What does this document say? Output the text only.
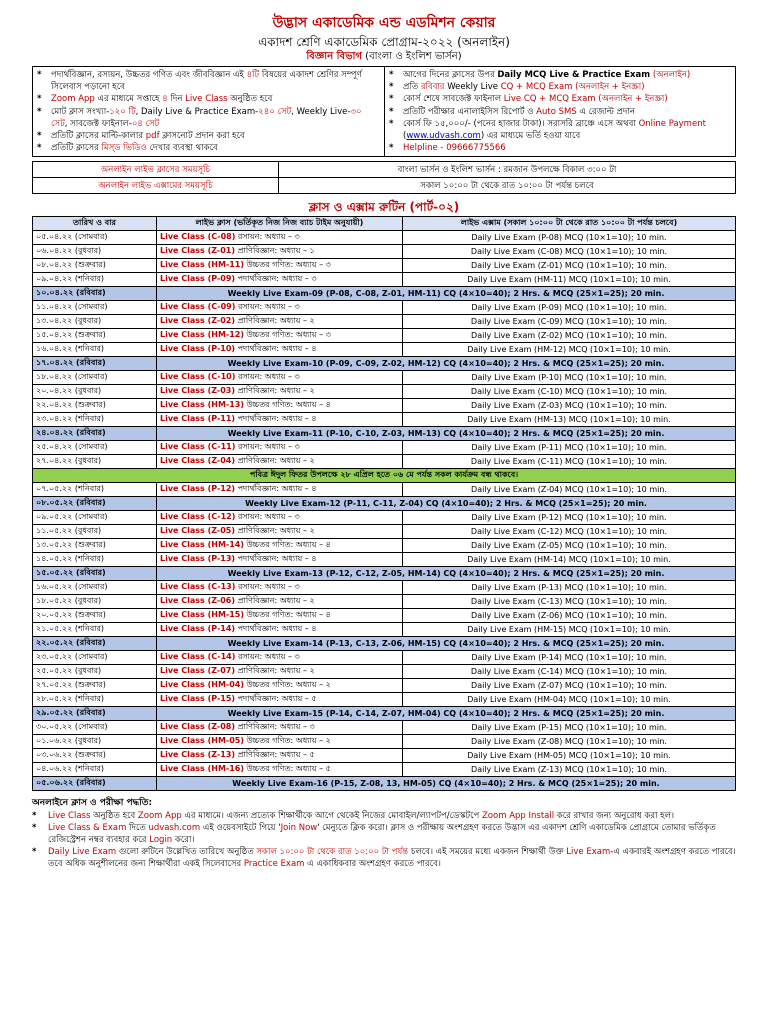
উদ্ভাস একাডেমিক এন্ড এডমিশন কেয়ার
একাদশ শ্রেণি একাডেমিক প্রোগ্রাম-২০২২ (অনলাইন)
বিজ্ঞান বিভাগ (বাংলা ও ইংলিশ ভার্সন)
*	পদার্থবিজ্ঞান, রসায়ন, উচ্চতর গণিত এবং জীববিজ্ঞান এই ৪টি বিষয়ের একাদশ শ্রেণির সম্পূর্ণ সিলেবাস পড়ানো হবে
*	Zoom App এর মাধ্যমে সপ্তাহে ৪ দিন Live Class অনুষ্ঠিত হবে
*	মোট ক্লাস সংখ্যা-১২০ টি, Daily Live & Practice Exam-২৪০ সেট, Weekly Live-৩০ সেট, সাবজেক্ট ফাইনাল-০৪ সেট
*	প্রতিটি ক্লাসের মাল্টি-কালার pdf ক্লাসনোট প্রদান করা হবে
*	প্রতিটি ক্লাসের মিস্ড ভিডিও দেখার ব্যবস্থা থাকবে
*	আগের দিনের ক্লাসের উপর Daily MCQ Live & Practice Exam (অনলাইন)
*	প্রতি রবিবার Weekly Live CQ + MCQ Exam (অনলাইন + ইনস্ক্রা)
*	কোর্স শেষে সাবজেক্ট ফাইনাল Live CQ + MCQ Exam (অনলাইন + ইনস্ক্রা)
*	প্রতিটি পরীক্ষার এনালাইসিস রিপোর্ট ও Auto SMS এ রেজাল্ট প্রদান
*	কোর্স ফি ১৫,০০০/- (পনের হাজার টাকা)। সরাসরি ব্রাঞ্চে এসে অথবা Online Payment (www.udvash.com) এর মাধ্যমে ভর্তি হওয়া যাবে
*	Helpline - 09666775566
অনলাইন লাইভ ক্লাসের সময়সূচি	বাংলা ভার্সন ও ইংলিশ ভার্সন : রমজান উপলক্ষে বিকাল ৩:০০ টা
অনলাইন লাইভ এক্সামের সময়সূচি	সকাল ১০:০০ টা থেকে রাত ১০:০০ টা পর্যন্ত চলবে
ক্লাস ও এক্সাম রুটিন (পার্ট-০২)
তারিখ ও বার	লাইভ ক্লাস (ভর্তিকৃত নিজ নিজ ব্যাচ টাইম অনুযায়ী)	লাইভ এক্সাম (সকাল ১০:০০ টা থেকে রাত ১০:০০ টা পর্যন্ত চলবে)
০৫.০৪.২২ (সোমবার)	Live Class (C-08) রসায়ন: অধ্যায় – ৩	Daily Live Exam (P-08) MCQ (10×1=10); 10 min.
০৬.০৪.২২ (বুধবার)	Live Class (Z-01) প্রাণিবিজ্ঞান: অধ্যায় – ১	Daily Live Exam (C-08) MCQ (10×1=10); 10 min.
০৮.০৪.২২ (শুক্রবার)	Live Class (HM-11) উচ্চতর গণিত: অধ্যায় – ৩	Daily Live Exam (Z-01) MCQ (10×1=10); 10 min.
০৯.০৪.২২ (শনিবার)	Live Class (P-09) পদার্থবিজ্ঞান: অধ্যায় – ৩	Daily Live Exam (HM-11) MCQ (10×1=10); 10 min.
১০.০৪.২২ (রবিবার)	Weekly Live Exam-09 (P-08, C-08, Z-01, HM-11) CQ (4×10=40); 2 Hrs. & MCQ (25×1=25); 20 min.	
১১.০৪.২২ (সোমবার)	Live Class (C-09) রসায়ন: অধ্যায় – ৩	Daily Live Exam (P-09) MCQ (10×1=10); 10 min.
১৩.০৪.২২ (বুধবার)	Live Class (Z-02) প্রাণিবিজ্ঞান: অধ্যায় – ২	Daily Live Exam (C-09) MCQ (10×1=10); 10 min.
১৫.০৪.২২ (শুক্রবার)	Live Class (HM-12) উচ্চতর গণিত: অধ্যায় – ৩	Daily Live Exam (Z-02) MCQ (10×1=10); 10 min.
১৬.০৪.২২ (শনিবার)	Live Class (P-10) পদার্থবিজ্ঞান: অধ্যায় – ৪	Daily Live Exam (HM-12) MCQ (10×1=10); 10 min.
১৭.০৪.২২ (রবিবার)	Weekly Live Exam-10 (P-09, C-09, Z-02, HM-12) CQ (4×10=40); 2 Hrs. & MCQ (25×1=25); 20 min.	
১৮.০৪.২২ (সোমবার)	Live Class (C-10) রসায়ন: অধ্যায় – ৩	Daily Live Exam (P-10) MCQ (10×1=10); 10 min.
২০.০৪.২২ (বুধবার)	Live Class (Z-03) প্রাণিবিজ্ঞান: অধ্যায় – ২	Daily Live Exam (C-10) MCQ (10×1=10); 10 min.
২২.০৪.২২ (শুক্রবার)	Live Class (HM-13) উচ্চতর গণিত: অধ্যায় – ৪	Daily Live Exam (Z-03) MCQ (10×1=10); 10 min.
২৩.০৪.২২ (শনিবার)	Live Class (P-11) পদার্থবিজ্ঞান: অধ্যায় – ৪	Daily Live Exam (HM-13) MCQ (10×1=10); 10 min.
২৪.০৪.২২ (রবিবার)	Weekly Live Exam-11 (P-10, C-10, Z-03, HM-13) CQ (4×10=40); 2 Hrs. & MCQ (25×1=25); 20 min.	
২৫.০৪.২২ (সোমবার)	Live Class (C-11) রসায়ন: অধ্যায় – ৩	Daily Live Exam (P-11) MCQ (10×1=10); 10 min.
২৭.০৪.২২ (বুধবার)	Live Class (Z-04) প্রাণিবিজ্ঞান: অধ্যায় – ২	Daily Live Exam (C-11) MCQ (10×1=10); 10 min.
পবিত্র ঈদুল ফিতর উপলক্ষে ২৮ এপ্রিল হতে ০৬ মে পর্যন্ত সকল কার্যক্রম বন্ধ থাকবে।		
০৭.০৫.২২ (শনিবার)	Live Class (P-12) পদার্থবিজ্ঞান: অধ্যায় – ৪	Daily Live Exam (Z-04) MCQ (10×1=10); 10 min.
০৮.০৫.২২ (রবিবার)	Weekly Live Exam-12 (P-11, C-11, Z-04) CQ (4×10=40); 2 Hrs. & MCQ (25×1=25); 20 min.	
০৯.০৫.২২ (সোমবার)	Live Class (C-12) রসায়ন: অধ্যায় – ৩	Daily Live Exam (P-12) MCQ (10×1=10); 10 min.
১১.০৫.২২ (বুধবার)	Live Class (Z-05) প্রাণিবিজ্ঞান: অধ্যায় – ২	Daily Live Exam (C-12) MCQ (10×1=10); 10 min.
১৩.০৫.২২ (শুক্রবার)	Live Class (HM-14) উচ্চতর গণিত: অধ্যায় – ৪	Daily Live Exam (Z-05) MCQ (10×1=10); 10 min.
১৪.০৫.২২ (শনিবার)	Live Class (P-13) পদার্থবিজ্ঞান: অধ্যায় – ৪	Daily Live Exam (HM-14) MCQ (10×1=10); 10 min.
১৫.০৫.২২ (রবিবার)	Weekly Live Exam-13 (P-12, C-12, Z-05, HM-14) CQ (4×10=40); 2 Hrs. & MCQ (25×1=25); 20 min.	
১৬.০৫.২২ (সোমবার)	Live Class (C-13) রসায়ন: অধ্যায় – ৩	Daily Live Exam (P-13) MCQ (10×1=10); 10 min.
১৮.০৫.২২ (বুধবার)	Live Class (Z-06) প্রাণিবিজ্ঞান: অধ্যায় – ২	Daily Live Exam (C-13) MCQ (10×1=10); 10 min.
২০.০৫.২২ (শুক্রবার)	Live Class (HM-15) উচ্চতর গণিত: অধ্যায় – ৪	Daily Live Exam (Z-06) MCQ (10×1=10); 10 min.
২১.০৫.২২ (শনিবার)	Live Class (P-14) পদার্থবিজ্ঞান: অধ্যায় – ৪	Daily Live Exam (HM-15) MCQ (10×1=10); 10 min.
২২.০৫.২২ (রবিবার)	Weekly Live Exam-14 (P-13, C-13, Z-06, HM-15) CQ (4×10=40); 2 Hrs. & MCQ (25×1=25); 20 min.	
২৩.০৫.২২ (সোমবার)	Live Class (C-14) রসায়ন: অধ্যায় – ৩	Daily Live Exam (P-14) MCQ (10×1=10); 10 min.
২৫.০৫.২২ (বুধবার)	Live Class (Z-07) প্রাণিবিজ্ঞান: অধ্যায় – ২	Daily Live Exam (C-14) MCQ (10×1=10); 10 min.
২৭.০৫.২২ (শুক্রবার)	Live Class (HM-04) উচ্চতর গণিত: অধ্যায় – ২	Daily Live Exam (Z-07) MCQ (10×1=10); 10 min.
২৮.০৫.২২ (শনিবার)	Live Class (P-15) পদার্থবিজ্ঞান: অধ্যায় – ৫	Daily Live Exam (HM-04) MCQ (10×1=10); 10 min.
২৯.০৫.২২ (রবিবার)	Weekly Live Exam-15 (P-14, C-14, Z-07, HM-04) CQ (4×10=40); 2 Hrs. & MCQ (25×1=25); 20 min.	
৩০.০৫.২২ (সোমবার)	Live Class (Z-08) প্রাণিবিজ্ঞান: অধ্যায় – ৩	Daily Live Exam (P-15) MCQ (10×1=10); 10 min.
০১.০৬.২২ (বুধবার)	Live Class (HM-05) উচ্চতর গণিত: অধ্যায় – ২	Daily Live Exam (Z-08) MCQ (10×1=10); 10 min.
০৩.০৬.২২ (শুক্রবার)	Live Class (Z-13) প্রাণিবিজ্ঞান: অধ্যায় – ৫	Daily Live Exam (HM-05) MCQ (10×1=10); 10 min.
০৪.০৬.২২ (শনিবার)	Live Class (HM-16) উচ্চতর গণিত: অধ্যায় – ৫	Daily Live Exam (Z-13) MCQ (10×1=10); 10 min.
০৫.০৬.২২ (রবিবার)	Weekly Live Exam-16 (P-15, Z-08, 13, HM-05) CQ (4×10=40); 2 Hrs. & MCQ (25×1=25); 20 min.	
অনলাইনে ক্লাস ও পরীক্ষা পদ্ধতি:
*	Live Class অনুষ্ঠিত হবে Zoom App এর মাধ্যমে। এজন্য প্রত্যেক শিক্ষার্থীকে আগে থেকেই নিজের মোবাইল/ল্যাপটপ/ডেস্কটপে Zoom App Install করে রাখার জন্য অনুরোধ করা হল।
*	Live Class & Exam দিতে udvash.com এই ওয়েবসাইটে গিয়ে 'Join Now' মেন্যুতে ক্লিক করো। ক্লাস ও পরীক্ষায় অংশগ্রহণ করতে উদ্ভাস এর একাদশ শ্রেণি একাডেমিক প্রোগ্রামে তোমার ভর্তিকৃত রেজিস্ট্রেশন নম্বর ব্যবহার করে Login করো।
*	Daily Live Exam গুলো রুটিনে উল্লেখিত তারিখে অনুষ্ঠিত সকাল ১০:০০ টা থেকে রাত ১০:০০ টা পর্যন্ত চলবে। এই সময়ের মধ্যে একজন শিক্ষার্থী উক্ত Live Exam-এ একবারই অংশগ্রহণ করতে পারবে। তবে অধিক অনুশীলনের জন্য শিক্ষার্থীরা একই সিলেবাসের Practice Exam এ একাধিকবার অংশগ্রহণ করতে পারবে।
